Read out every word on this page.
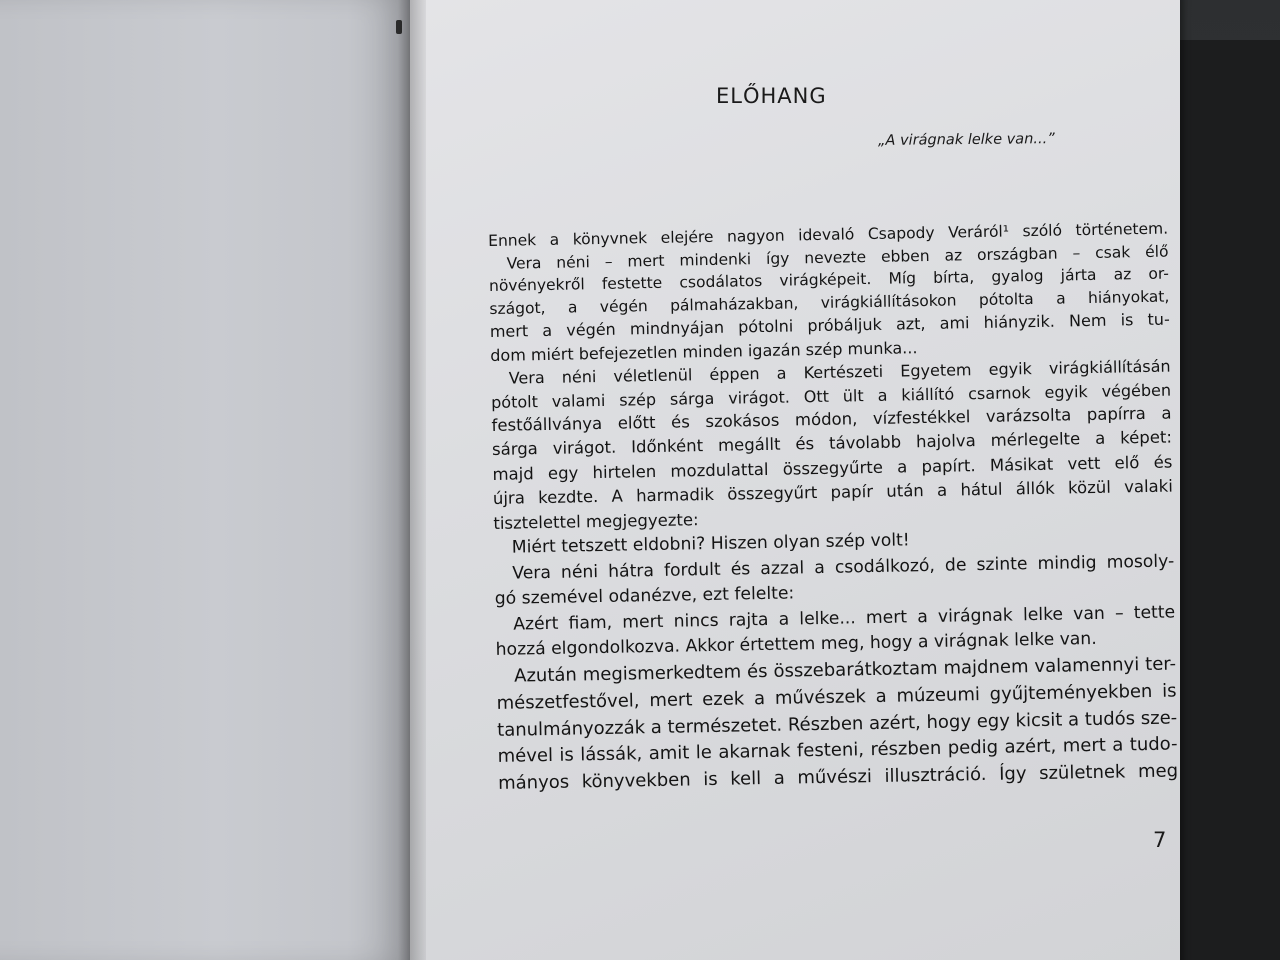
ELŐHANG
„A virágnak lelke van...”
Ennek a könyvnek elejére nagyon idevaló Csapody Veráról¹ szóló történetem.
Vera néni – mert mindenki így nevezte ebben az országban – csak élő
növényekről festette csodálatos virágképeit. Míg bírta, gyalog járta az or-
szágot, a végén pálmaházakban, virágkiállításokon pótolta a hiányokat,
mert a végén mindnyájan pótolni próbáljuk azt, ami hiányzik. Nem is tu-
dom miért befejezetlen minden igazán szép munka...
Vera néni véletlenül éppen a Kertészeti Egyetem egyik virágkiállításán
pótolt valami szép sárga virágot. Ott ült a kiállító csarnok egyik végében
festőállványa előtt és szokásos módon, vízfestékkel varázsolta papírra a
sárga virágot. Időnként megállt és távolabb hajolva mérlegelte a képet:
majd egy hirtelen mozdulattal összegyűrte a papírt. Másikat vett elő és
újra kezdte. A harmadik összegyűrt papír után a hátul állók közül valaki
tisztelettel megjegyezte:
Miért tetszett eldobni? Hiszen olyan szép volt!
Vera néni hátra fordult és azzal a csodálkozó, de szinte mindig mosoly-
gó szemével odanézve, ezt felelte:
Azért fiam, mert nincs rajta a lelke... mert a virágnak lelke van – tette
hozzá elgondolkozva. Akkor értettem meg, hogy a virágnak lelke van.
Azután megismerkedtem és összebarátkoztam majdnem valamennyi ter-
mészetfestővel, mert ezek a művészek a múzeumi gyűjteményekben is
tanulmányozzák a természetet. Részben azért, hogy egy kicsit a tudós sze-
mével is lássák, amit le akarnak festeni, részben pedig azért, mert a tudo-
mányos könyvekben is kell a művészi illusztráció. Így születnek meg
7
